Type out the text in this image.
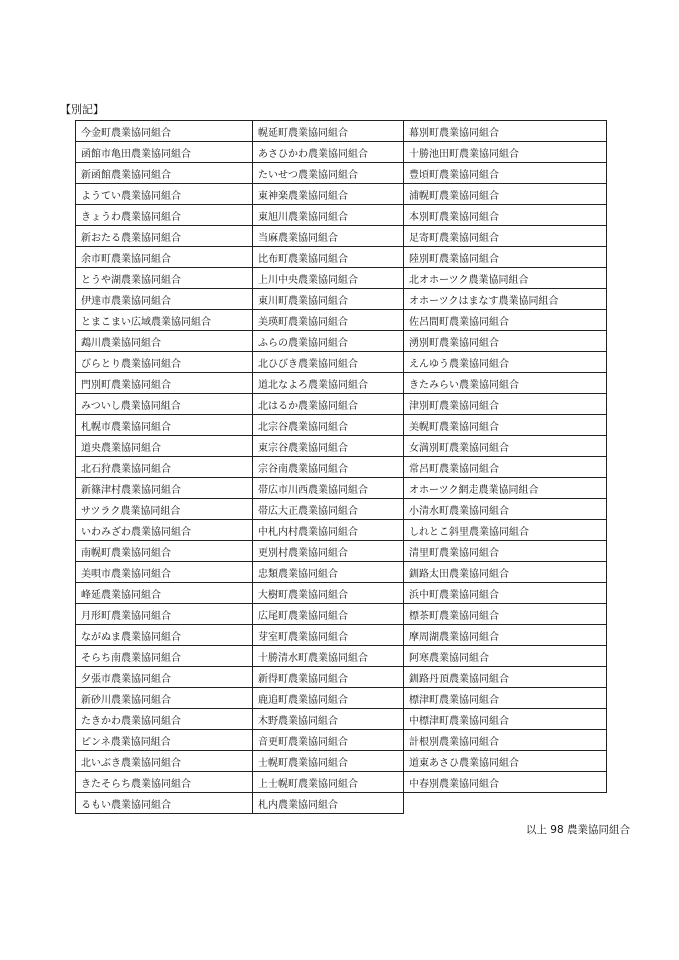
【別記】
今金町農業協同組合	幌延町農業協同組合	幕別町農業協同組合
函館市亀田農業協同組合	あさひかわ農業協同組合	十勝池田町農業協同組合
新函館農業協同組合	たいせつ農業協同組合	豊頃町農業協同組合
ようてい農業協同組合	東神楽農業協同組合	浦幌町農業協同組合
きょうわ農業協同組合	東旭川農業協同組合	本別町農業協同組合
新おたる農業協同組合	当麻農業協同組合	足寄町農業協同組合
余市町農業協同組合	比布町農業協同組合	陸別町農業協同組合
とうや湖農業協同組合	上川中央農業協同組合	北オホーツク農業協同組合
伊達市農業協同組合	東川町農業協同組合	オホーツクはまなす農業協同組合
とまこまい広域農業協同組合	美瑛町農業協同組合	佐呂間町農業協同組合
鵡川農業協同組合	ふらの農業協同組合	湧別町農業協同組合
びらとり農業協同組合	北ひびき農業協同組合	えんゆう農業協同組合
門別町農業協同組合	道北なよろ農業協同組合	きたみらい農業協同組合
みついし農業協同組合	北はるか農業協同組合	津別町農業協同組合
札幌市農業協同組合	北宗谷農業協同組合	美幌町農業協同組合
道央農業協同組合	東宗谷農業協同組合	女満別町農業協同組合
北石狩農業協同組合	宗谷南農業協同組合	常呂町農業協同組合
新篠津村農業協同組合	帯広市川西農業協同組合	オホーツク網走農業協同組合
サツラク農業協同組合	帯広大正農業協同組合	小清水町農業協同組合
いわみざわ農業協同組合	中札内村農業協同組合	しれとこ斜里農業協同組合
南幌町農業協同組合	更別村農業協同組合	清里町農業協同組合
美唄市農業協同組合	忠類農業協同組合	釧路太田農業協同組合
峰延農業協同組合	大樹町農業協同組合	浜中町農業協同組合
月形町農業協同組合	広尾町農業協同組合	標茶町農業協同組合
ながぬま農業協同組合	芽室町農業協同組合	摩周湖農業協同組合
そらち南農業協同組合	十勝清水町農業協同組合	阿寒農業協同組合
夕張市農業協同組合	新得町農業協同組合	釧路丹頂農業協同組合
新砂川農業協同組合	鹿追町農業協同組合	標津町農業協同組合
たきかわ農業協同組合	木野農業協同組合	中標津町農業協同組合
ピンネ農業協同組合	音更町農業協同組合	計根別農業協同組合
北いぶき農業協同組合	士幌町農業協同組合	道東あさひ農業協同組合
きたそらち農業協同組合	上士幌町農業協同組合	中春別農業協同組合
るもい農業協同組合	札内農業協同組合	
以上 98 農業協同組合
